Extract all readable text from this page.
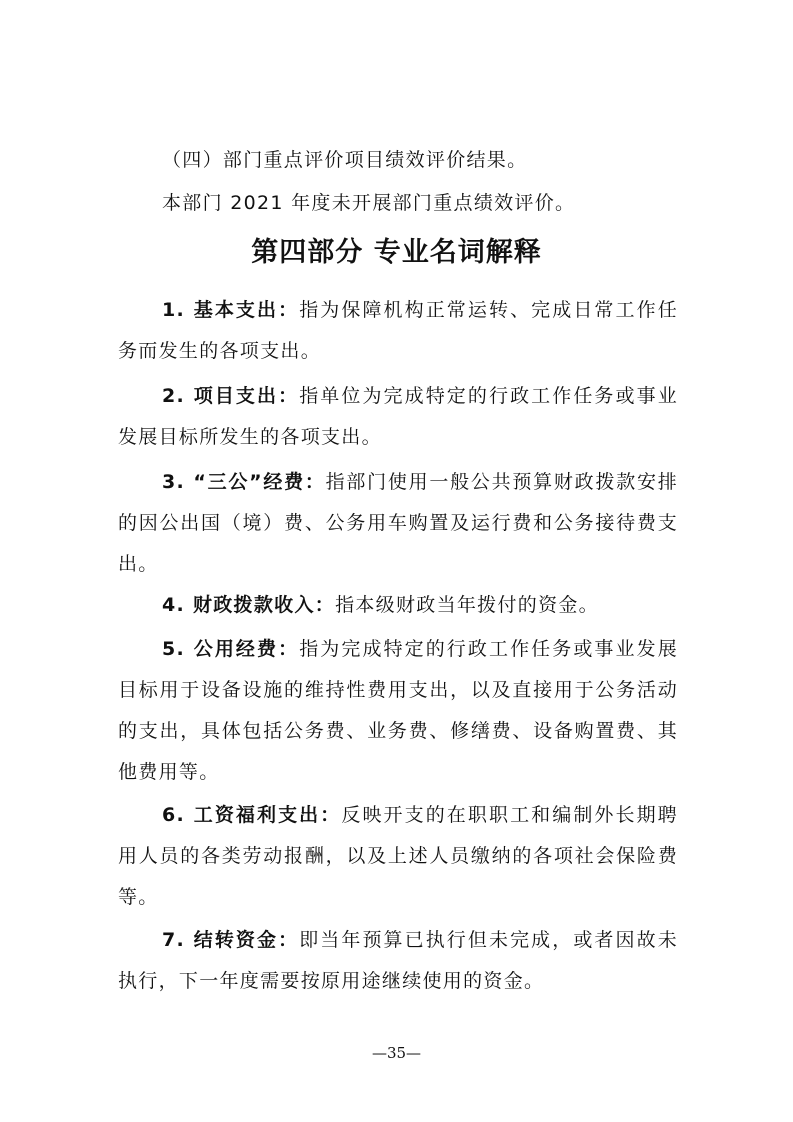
（四）部门重点评价项目绩效评价结果。
本部门 2021 年度未开展部门重点绩效评价。
第四部分 专业名词解释
1. 基本支出：指为保障机构正常运转、完成日常工作任务而发生的各项支出。
2. 项目支出：指单位为完成特定的行政工作任务或事业发展目标所发生的各项支出。
3. “三公”经费：指部门使用一般公共预算财政拨款安排的因公出国（境）费、公务用车购置及运行费和公务接待费支出。
4. 财政拨款收入：指本级财政当年拨付的资金。
5. 公用经费：指为完成特定的行政工作任务或事业发展目标用于设备设施的维持性费用支出，以及直接用于公务活动的支出，具体包括公务费、业务费、修缮费、设备购置费、其他费用等。
6. 工资福利支出：反映开支的在职职工和编制外长期聘用人员的各类劳动报酬，以及上述人员缴纳的各项社会保险费等。
7. 结转资金：即当年预算已执行但未完成，或者因故未执行，下一年度需要按原用途继续使用的资金。
—35—
